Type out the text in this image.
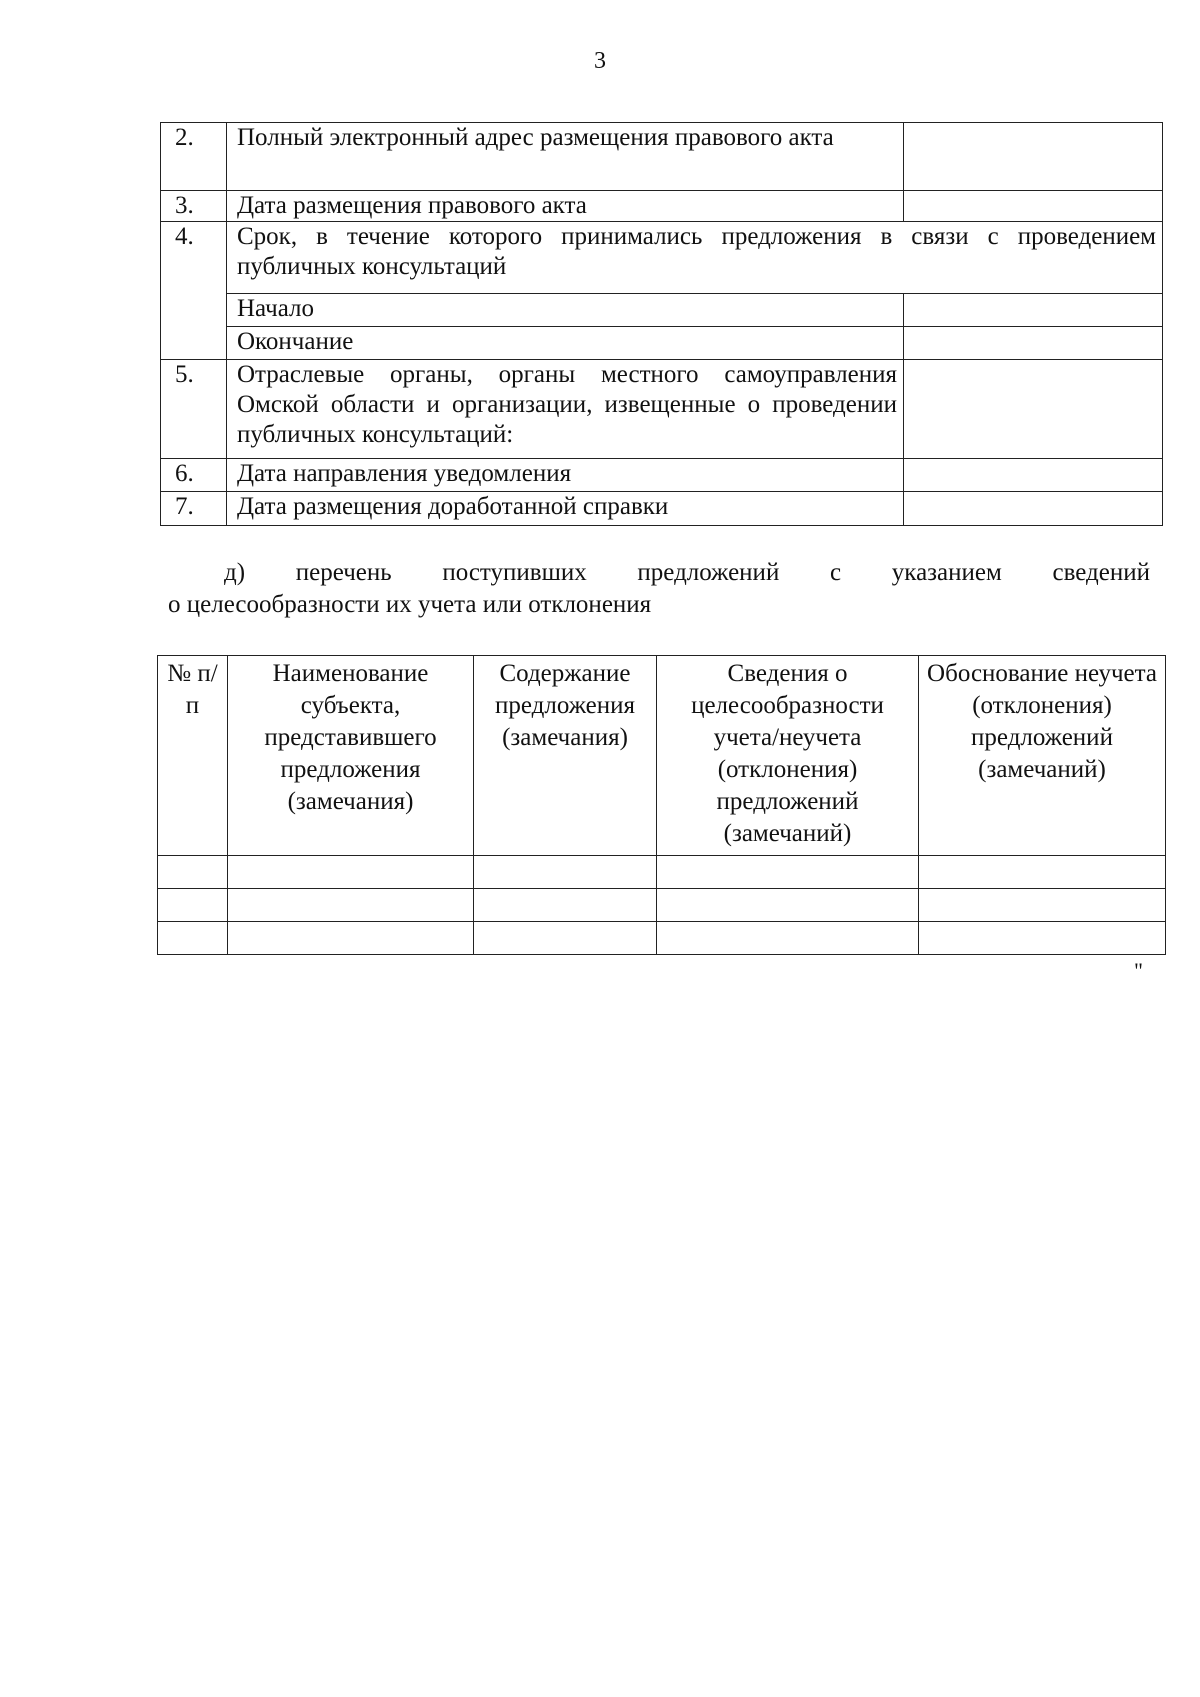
3
2.	Полный электронный адрес размещения правового акта	
3.	Дата размещения правового акта	
4.	Срок, в течение которого принимались предложения в связи с проведением публичных консультаций	
	Начало	
	Окончание	
5.	Отраслевые органы, органы местного самоуправления Омской области и организации, извещенные о проведении публичных консультаций:	
6.	Дата направления уведомления	
7.	Дата размещения доработанной справки	

д) перечень поступивших предложений с указанием сведений
о целесообразности их учета или отклонения

№ п/п	Наименование субъекта, представившего предложения (замечания)	Содержание предложения (замечания)	Сведения о целесообразности учета/неучета (отклонения) предложений (замечаний)	Обоснование неучета (отклонения) предложений (замечаний)

"
